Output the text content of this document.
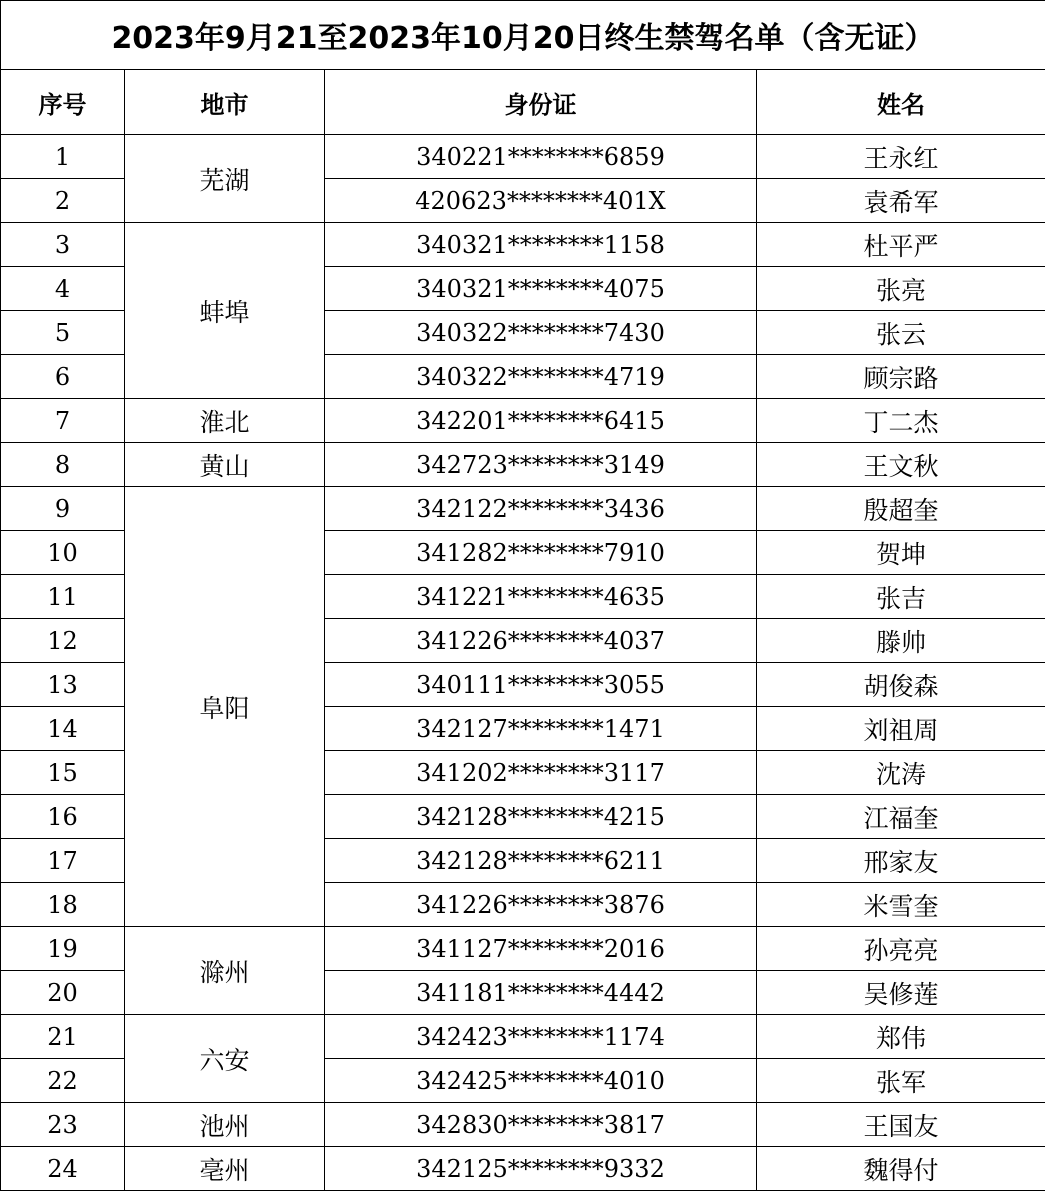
2023年9月21至2023年10月20日终生禁驾名单（含无证）			
序号	地市	身份证	姓名
1	芜湖	340221********6859	王永红
2		420623********401X	袁希军
3	蚌埠	340321********1158	杜平严
4		340321********4075	张亮
5		340322********7430	张云
6		340322********4719	顾宗路
7	淮北	342201********6415	丁二杰
8	黄山	342723********3149	王文秋
9	阜阳	342122********3436	殷超奎
10		341282********7910	贺坤
11		341221********4635	张吉
12		341226********4037	滕帅
13		340111********3055	胡俊森
14		342127********1471	刘祖周
15		341202********3117	沈涛
16		342128********4215	江福奎
17		342128********6211	邢家友
18		341226********3876	米雪奎
19	滁州	341127********2016	孙亮亮
20		341181********4442	吴修莲
21	六安	342423********1174	郑伟
22		342425********4010	张军
23	池州	342830********3817	王国友
24	亳州	342125********9332	魏得付
